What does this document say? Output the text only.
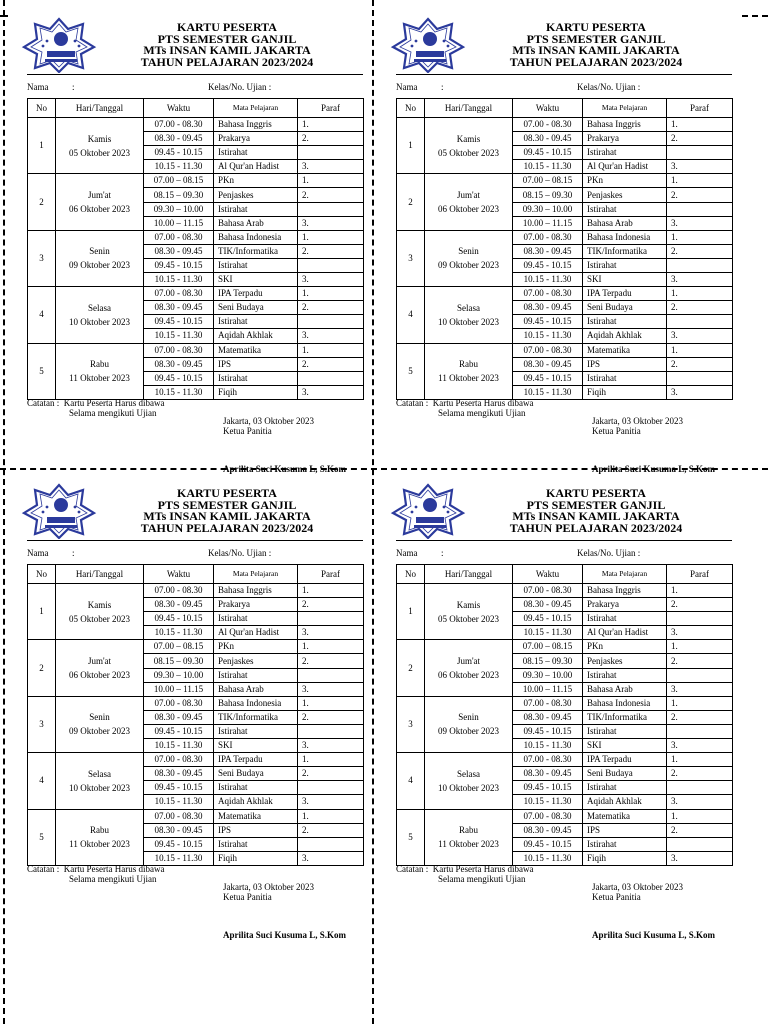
KARTU PESERTA
PTS SEMESTER GANJIL
MTs INSAN KAMIL JAKARTA
TAHUN PELAJARAN 2023/2024
Nama	:	Kelas/No. Ujian :
No	Hari/Tanggal	Waktu	Mata Pelajaran	Paraf
1	Kamis
05 Oktober 2023	07.00 - 08.30	Bahasa Inggris	1.
		08.30 - 09.45	Prakarya	2.
		09.45 - 10.15	Istirahat	
		10.15 - 11.30	Al Qur'an Hadist	3.
2	Jum'at
06 Oktober 2023	07.00 – 08.15	PKn	1.
		08.15 – 09.30	Penjaskes	2.
		09.30 – 10.00	Istirahat	
		10.00 – 11.15	Bahasa Arab	3.
3	Senin
09 Oktober 2023	07.00 - 08.30	Bahasa Indonesia	1.
		08.30 - 09.45	TIK/Informatika	2.
		09.45 - 10.15	Istirahat	
		10.15 - 11.30	SKI	3.
4	Selasa
10 Oktober 2023	07.00 - 08.30	IPA Terpadu	1.
		08.30 - 09.45	Seni Budaya	2.
		09.45 - 10.15	Istirahat	
		10.15 - 11.30	Aqidah Akhlak	3.
5	Rabu
11 Oktober 2023	07.00 - 08.30	Matematika	1.
		08.30 - 09.45	IPS	2.
		09.45 - 10.15	Istirahat	
		10.15 - 11.30	Fiqih	3.
Catatan : Kartu Peserta Harus dibawa
Selama mengikuti Ujian
Jakarta, 03 Oktober 2023
Ketua Panitia
Aprilita Suci Kusuma L, S.Kom
KARTU PESERTA
PTS SEMESTER GANJIL
MTs INSAN KAMIL JAKARTA
TAHUN PELAJARAN 2023/2024
Nama	:	Kelas/No. Ujian :
No	Hari/Tanggal	Waktu	Mata Pelajaran	Paraf
1	Kamis
05 Oktober 2023	07.00 - 08.30	Bahasa Inggris	1.
		08.30 - 09.45	Prakarya	2.
		09.45 - 10.15	Istirahat	
		10.15 - 11.30	Al Qur'an Hadist	3.
2	Jum'at
06 Oktober 2023	07.00 – 08.15	PKn	1.
		08.15 – 09.30	Penjaskes	2.
		09.30 – 10.00	Istirahat	
		10.00 – 11.15	Bahasa Arab	3.
3	Senin
09 Oktober 2023	07.00 - 08.30	Bahasa Indonesia	1.
		08.30 - 09.45	TIK/Informatika	2.
		09.45 - 10.15	Istirahat	
		10.15 - 11.30	SKI	3.
4	Selasa
10 Oktober 2023	07.00 - 08.30	IPA Terpadu	1.
		08.30 - 09.45	Seni Budaya	2.
		09.45 - 10.15	Istirahat	
		10.15 - 11.30	Aqidah Akhlak	3.
5	Rabu
11 Oktober 2023	07.00 - 08.30	Matematika	1.
		08.30 - 09.45	IPS	2.
		09.45 - 10.15	Istirahat	
		10.15 - 11.30	Fiqih	3.
Catatan : Kartu Peserta Harus dibawa
Selama mengikuti Ujian
Jakarta, 03 Oktober 2023
Ketua Panitia
Aprilita Suci Kusuma L, S.Kom
KARTU PESERTA
PTS SEMESTER GANJIL
MTs INSAN KAMIL JAKARTA
TAHUN PELAJARAN 2023/2024
Nama	:	Kelas/No. Ujian :
No	Hari/Tanggal	Waktu	Mata Pelajaran	Paraf
1	Kamis
05 Oktober 2023	07.00 - 08.30	Bahasa Inggris	1.
		08.30 - 09.45	Prakarya	2.
		09.45 - 10.15	Istirahat	
		10.15 - 11.30	Al Qur'an Hadist	3.
2	Jum'at
06 Oktober 2023	07.00 – 08.15	PKn	1.
		08.15 – 09.30	Penjaskes	2.
		09.30 – 10.00	Istirahat	
		10.00 – 11.15	Bahasa Arab	3.
3	Senin
09 Oktober 2023	07.00 - 08.30	Bahasa Indonesia	1.
		08.30 - 09.45	TIK/Informatika	2.
		09.45 - 10.15	Istirahat	
		10.15 - 11.30	SKI	3.
4	Selasa
10 Oktober 2023	07.00 - 08.30	IPA Terpadu	1.
		08.30 - 09.45	Seni Budaya	2.
		09.45 - 10.15	Istirahat	
		10.15 - 11.30	Aqidah Akhlak	3.
5	Rabu
11 Oktober 2023	07.00 - 08.30	Matematika	1.
		08.30 - 09.45	IPS	2.
		09.45 - 10.15	Istirahat	
		10.15 - 11.30	Fiqih	3.
Catatan : Kartu Peserta Harus dibawa
Selama mengikuti Ujian
Jakarta, 03 Oktober 2023
Ketua Panitia
Aprilita Suci Kusuma L, S.Kom
KARTU PESERTA
PTS SEMESTER GANJIL
MTs INSAN KAMIL JAKARTA
TAHUN PELAJARAN 2023/2024
Nama	:	Kelas/No. Ujian :
No	Hari/Tanggal	Waktu	Mata Pelajaran	Paraf
1	Kamis
05 Oktober 2023	07.00 - 08.30	Bahasa Inggris	1.
		08.30 - 09.45	Prakarya	2.
		09.45 - 10.15	Istirahat	
		10.15 - 11.30	Al Qur'an Hadist	3.
2	Jum'at
06 Oktober 2023	07.00 – 08.15	PKn	1.
		08.15 – 09.30	Penjaskes	2.
		09.30 – 10.00	Istirahat	
		10.00 – 11.15	Bahasa Arab	3.
3	Senin
09 Oktober 2023	07.00 - 08.30	Bahasa Indonesia	1.
		08.30 - 09.45	TIK/Informatika	2.
		09.45 - 10.15	Istirahat	
		10.15 - 11.30	SKI	3.
4	Selasa
10 Oktober 2023	07.00 - 08.30	IPA Terpadu	1.
		08.30 - 09.45	Seni Budaya	2.
		09.45 - 10.15	Istirahat	
		10.15 - 11.30	Aqidah Akhlak	3.
5	Rabu
11 Oktober 2023	07.00 - 08.30	Matematika	1.
		08.30 - 09.45	IPS	2.
		09.45 - 10.15	Istirahat	
		10.15 - 11.30	Fiqih	3.
Catatan : Kartu Peserta Harus dibawa
Selama mengikuti Ujian
Jakarta, 03 Oktober 2023
Ketua Panitia
Aprilita Suci Kusuma L, S.Kom
